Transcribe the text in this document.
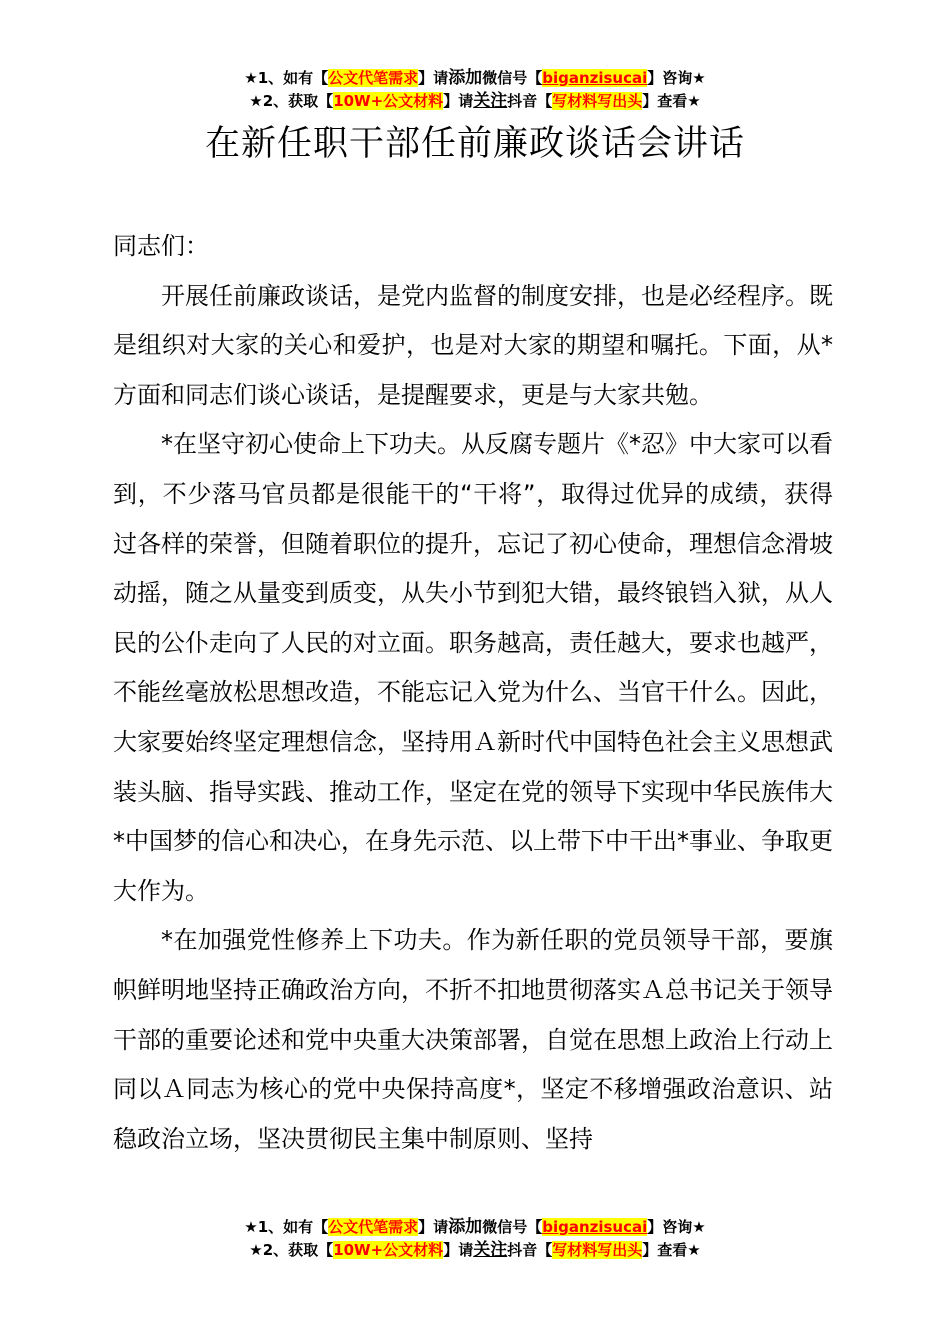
★1、如有【公文代笔需求】请添加微信号【biganzisucai】咨询★
★2、获取【10W+公文材料】请关注抖音【写材料写出头】查看★
在新任职干部任前廉政谈话会讲话

同志们：

开展任前廉政谈话，是党内监督的制度安排，也是必经程序。既是组织对大家的关心和爱护，也是对大家的期望和嘱托。下面，从*方面和同志们谈心谈话，是提醒要求，更是与大家共勉。

*在坚守初心使命上下功夫。从反腐专题片《*忍》中大家可以看到，不少落马官员都是很能干的“干将”，取得过优异的成绩，获得过各样的荣誉，但随着职位的提升，忘记了初心使命，理想信念滑坡动摇，随之从量变到质变，从失小节到犯大错，最终锒铛入狱，从人民的公仆走向了人民的对立面。职务越高，责任越大，要求也越严，不能丝毫放松思想改造，不能忘记入党为什么、当官干什么。因此，大家要始终坚定理想信念，坚持用Ａ新时代中国特色社会主义思想武装头脑、指导实践、推动工作，坚定在党的领导下实现中华民族伟大*中国梦的信心和决心，在身先示范、以上带下中干出*事业、争取更大作为。

*在加强党性修养上下功夫。作为新任职的党员领导干部，要旗帜鲜明地坚持正确政治方向，不折不扣地贯彻落实Ａ总书记关于领导干部的重要论述和党中央重大决策部署，自觉在思想上政治上行动上同以Ａ同志为核心的党中央保持高度*，坚定不移增强政治意识、站稳政治立场，坚决贯彻民主集中制原则、坚持

★1、如有【公文代笔需求】请添加微信号【biganzisucai】咨询★
★2、获取【10W+公文材料】请关注抖音【写材料写出头】查看★
